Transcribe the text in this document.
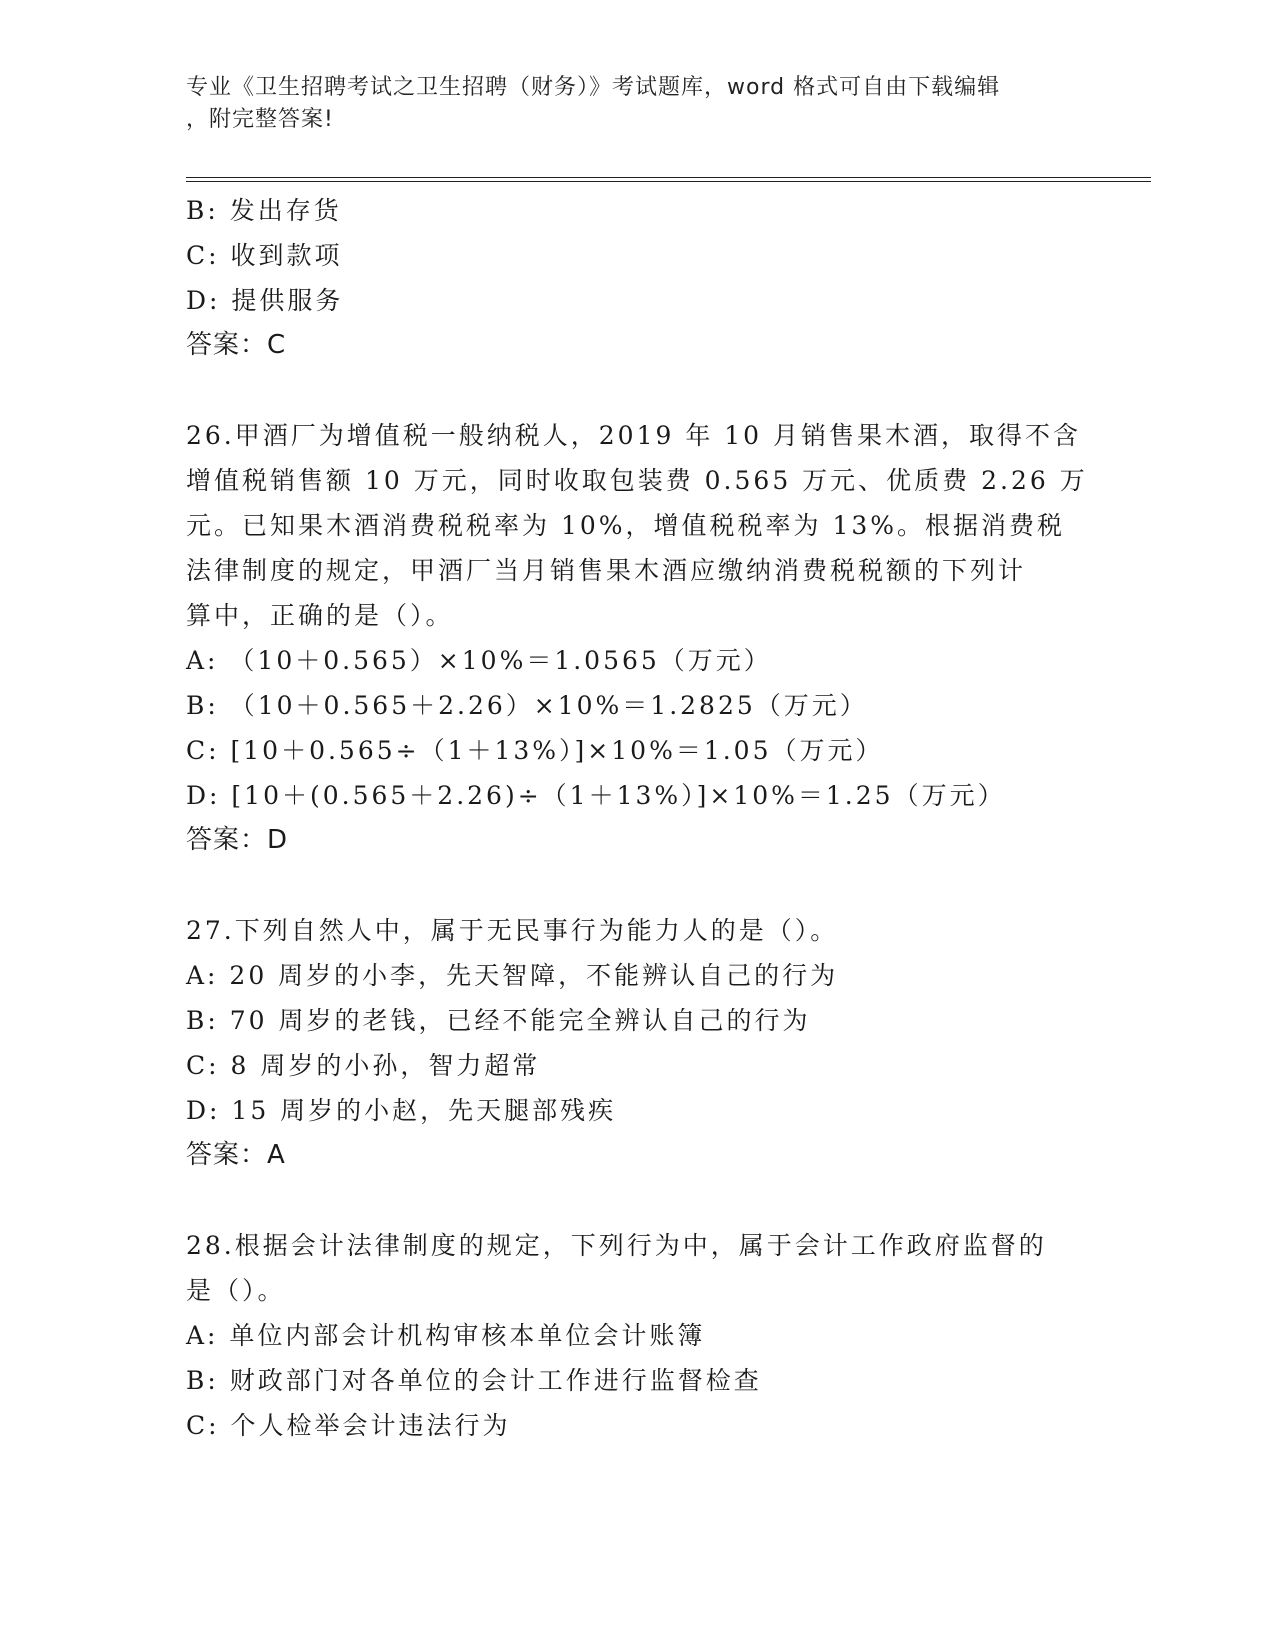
专业《卫生招聘考试之卫生招聘（财务）》考试题库，word 格式可自由下载编辑
，附完整答案!

B: 发出存货

C: 收到款项

D: 提供服务

答案：C

26.甲酒厂为增值税一般纳税人，2019 年 10 月销售果木酒，取得不含

增值税销售额 10 万元，同时收取包装费 0.565 万元、优质费 2.26 万

元。已知果木酒消费税税率为 10%，增值税税率为 13%。根据消费税

法律制度的规定，甲酒厂当月销售果木酒应缴纳消费税税额的下列计

算中，正确的是（）。

A: （10＋0.565）×10%＝1.0565（万元）

B: （10＋0.565＋2.26）×10%＝1.2825（万元）

C: [10＋0.565÷（1＋13%）]×10%＝1.05（万元）

D: [10＋(0.565＋2.26)÷（1＋13%）]×10%＝1.25（万元）

答案：D

27.下列自然人中，属于无民事行为能力人的是（）。

A: 20 周岁的小李，先天智障，不能辨认自己的行为

B: 70 周岁的老钱，已经不能完全辨认自己的行为

C: 8 周岁的小孙，智力超常

D: 15 周岁的小赵，先天腿部残疾

答案：A

28.根据会计法律制度的规定，下列行为中，属于会计工作政府监督的

是（）。

A: 单位内部会计机构审核本单位会计账簿

B: 财政部门对各单位的会计工作进行监督检查

C: 个人检举会计违法行为
